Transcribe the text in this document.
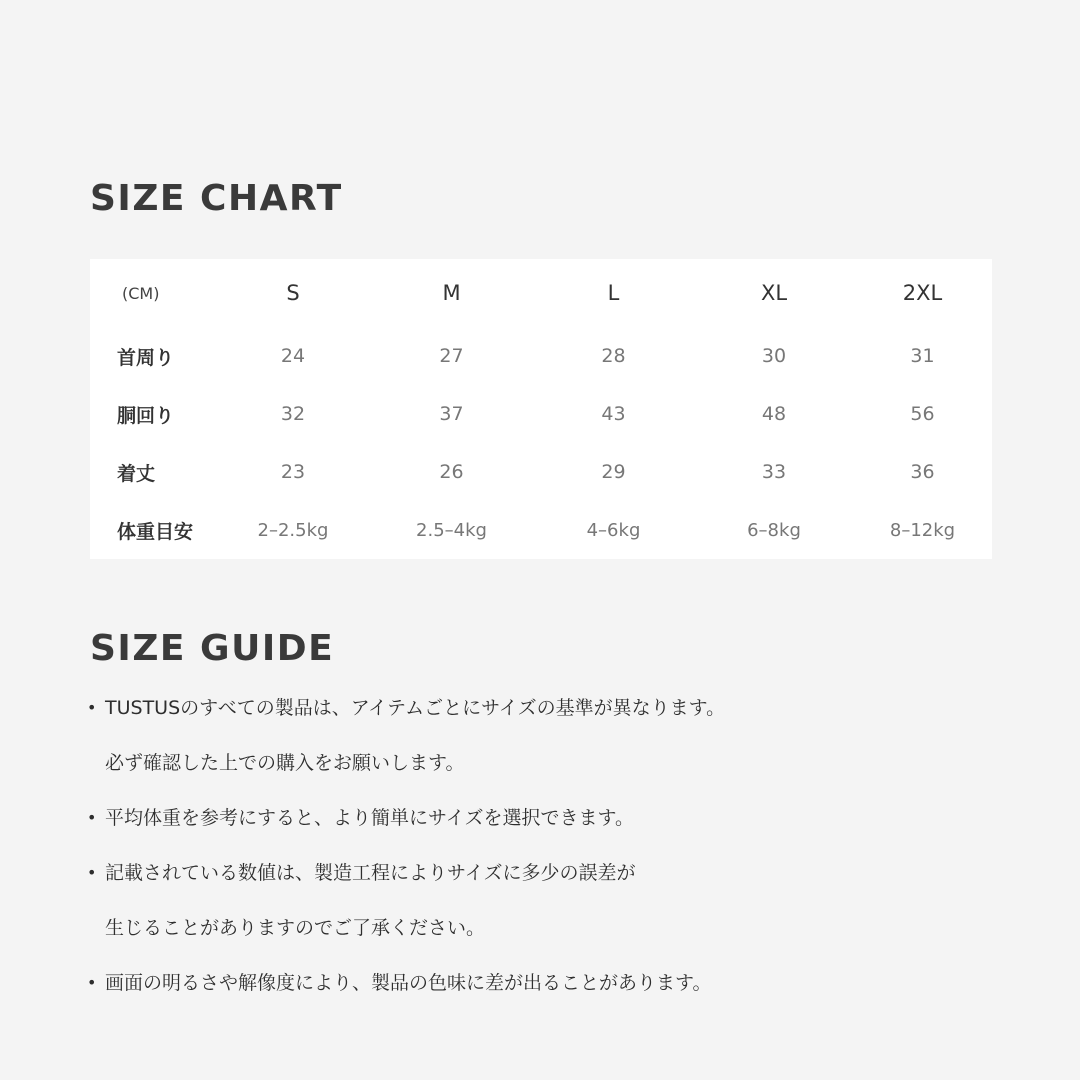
SIZE CHART
(CM)	S	M	L	XL	2XL
首周り	24	27	28	30	31
胴回り	32	37	43	48	56
着丈	23	26	29	33	36
体重目安	2–2.5kg	2.5–4kg	4–6kg	6–8kg	8–12kg
SIZE GUIDE
• TUSTUSのすべての製品は、アイテムごとにサイズの基準が異なります。
必ず確認した上での購入をお願いします。
• 平均体重を参考にすると、より簡単にサイズを選択できます。
• 記載されている数値は、製造工程によりサイズに多少の誤差が
生じることがありますのでご了承ください。
• 画面の明るさや解像度により、製品の色味に差が出ることがあります。
